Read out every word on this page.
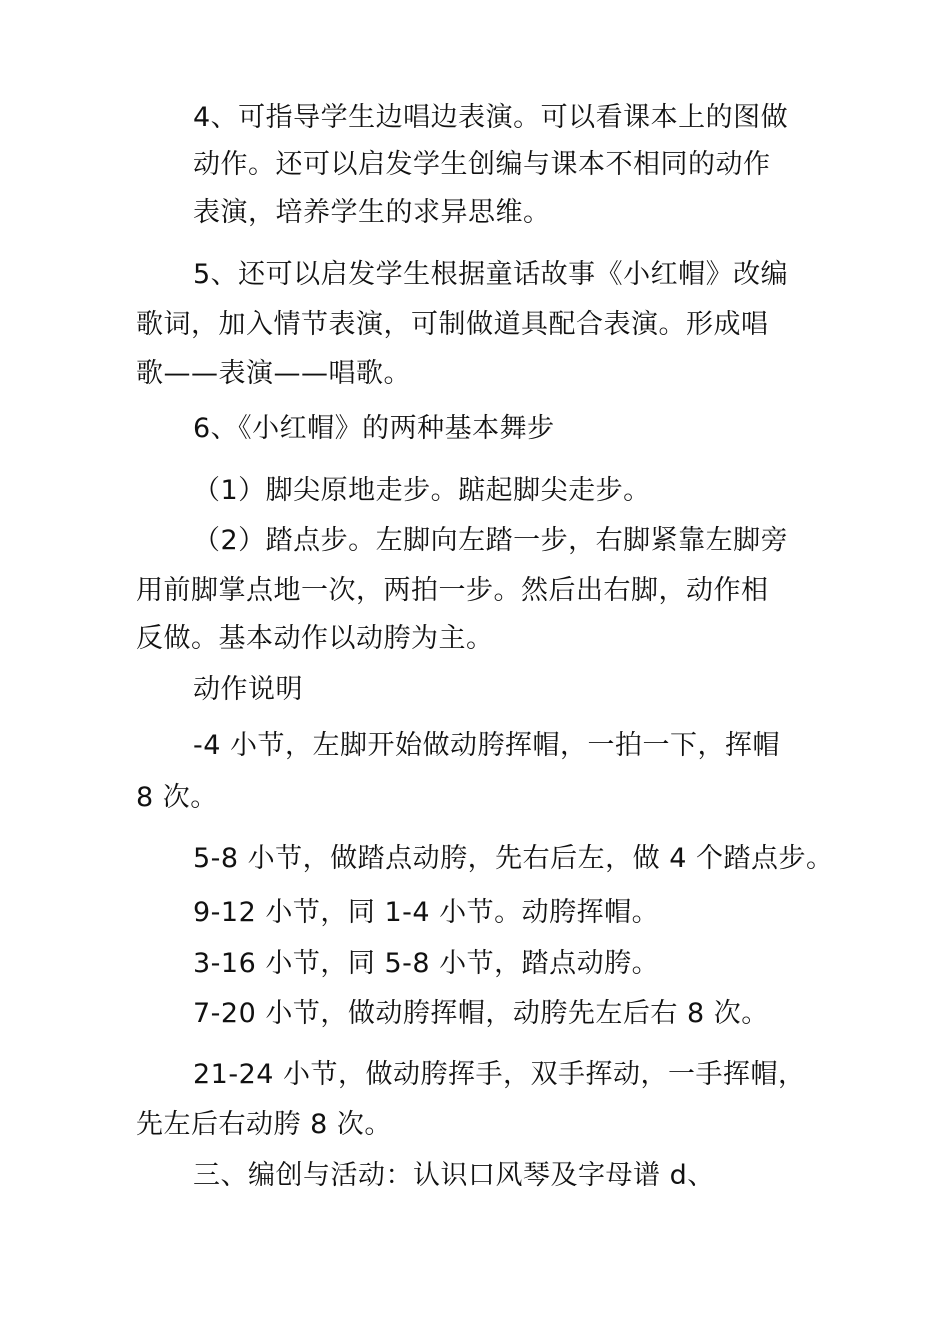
4、可指导学生边唱边表演。可以看课本上的图做

动作。还可以启发学生创编与课本不相同的动作

表演，培养学生的求异思维。

5、还可以启发学生根据童话故事《小红帽》改编

歌词，加入情节表演，可制做道具配合表演。形成唱

歌——表演——唱歌。

6、《小红帽》的两种基本舞步

（1）脚尖原地走步。踮起脚尖走步。

（2）踏点步。左脚向左踏一步，右脚紧靠左脚旁

用前脚掌点地一次，两拍一步。然后出右脚，动作相

反做。基本动作以动胯为主。

动作说明

-4 小节，左脚开始做动胯挥帽，一拍一下，挥帽

8 次。

5-8 小节，做踏点动胯，先右后左，做 4 个踏点步。

9-12 小节，同 1-4 小节。动胯挥帽。

3-16 小节，同 5-8 小节，踏点动胯。

7-20 小节，做动胯挥帽，动胯先左后右 8 次。

21-24 小节，做动胯挥手，双手挥动，一手挥帽，

先左后右动胯 8 次。

三、编创与活动：认识口风琴及字母谱 d、
